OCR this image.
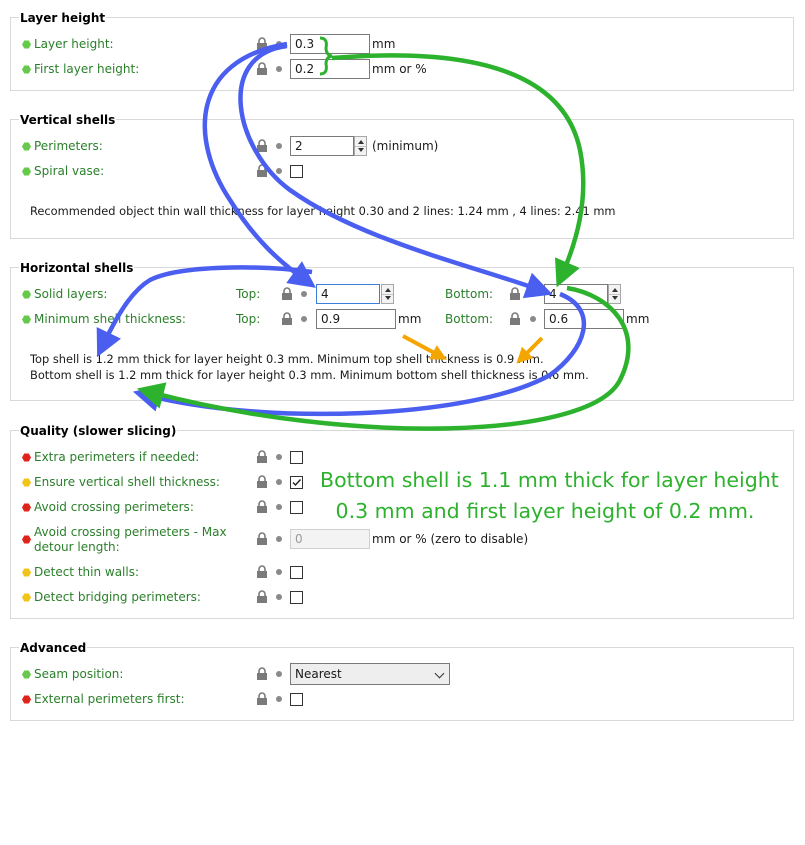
Layer height
Layer height:	0.3	mm
First layer height:	0.2	mm or %
Vertical shells
Perimeters:	2	(minimum)
Spiral vase:
Recommended object thin wall thickness for layer height 0.30 and 2 lines: 1.24 mm , 4 lines: 2.41 mm
Horizontal shells
Solid layers:	Top:	4	Bottom:	4
Minimum shell thickness:	Top:	0.9	mm Bottom:	0.6	mm
Top shell is 1.2 mm thick for layer height 0.3 mm. Minimum top shell thickness is 0.9 mm.
Bottom shell is 1.2 mm thick for layer height 0.3 mm. Minimum bottom shell thickness is 0.6 mm.
Quality (slower slicing)
Extra perimeters if needed:
Ensure vertical shell thickness:
Avoid crossing perimeters:
Avoid crossing perimeters - Max
detour length:
0	mm or % (zero to disable)
Detect thin walls:
Detect bridging perimeters:
Advanced
Seam position:	Nearest
External perimeters first:
Bottom shell is 1.1 mm thick for layer height
0.3 mm and first layer height of 0.2 mm.
